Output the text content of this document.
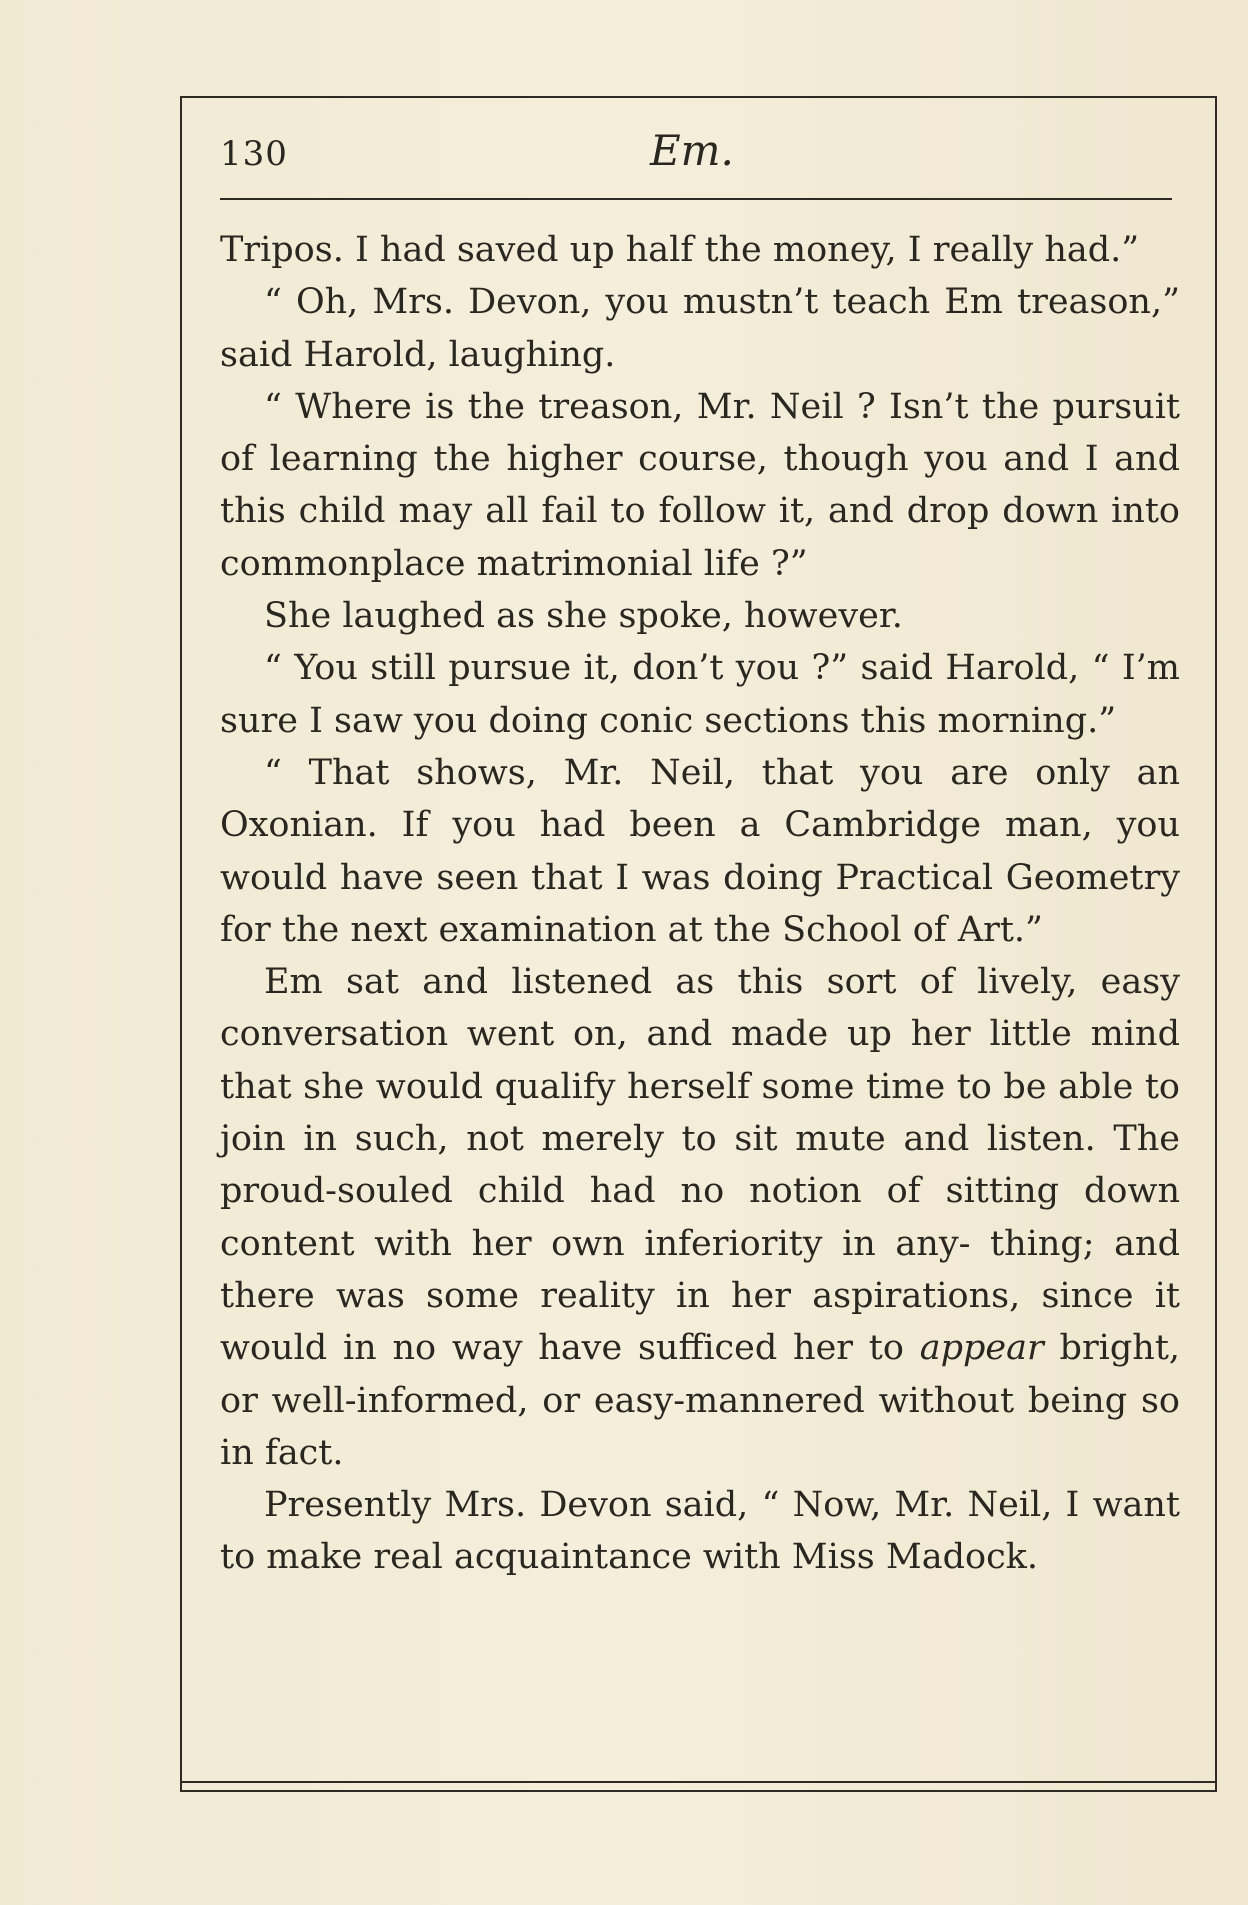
130	Em.

Tripos. I had saved up half the money, I really had.”

“ Oh, Mrs. Devon, you mustn’t teach Em treason,” said Harold, laughing.

“ Where is the treason, Mr. Neil ? Isn’t the pursuit of learning the higher course, though you and I and this child may all fail to follow it, and drop down into commonplace matrimonial life ?”

She laughed as she spoke, however.

“ You still pursue it, don’t you ?” said Harold, “ I’m sure I saw you doing conic sections this morning.”

“ That shows, Mr. Neil, that you are only an Oxonian. If you had been a Cambridge man, you would have seen that I was doing Practical Geometry for the next examination at the School of Art.”

Em sat and listened as this sort of lively, easy conversation went on, and made up her little mind that she would qualify herself some time to be able to join in such, not merely to sit mute and listen. The proud-souled child had no notion of sitting down content with her own inferiority in any- thing; and there was some reality in her aspirations, since it would in no way have sufficed her to appear bright, or well-informed, or easy-mannered without being so in fact.

Presently Mrs. Devon said, “ Now, Mr. Neil, I want to make real acquaintance with Miss Madock.
